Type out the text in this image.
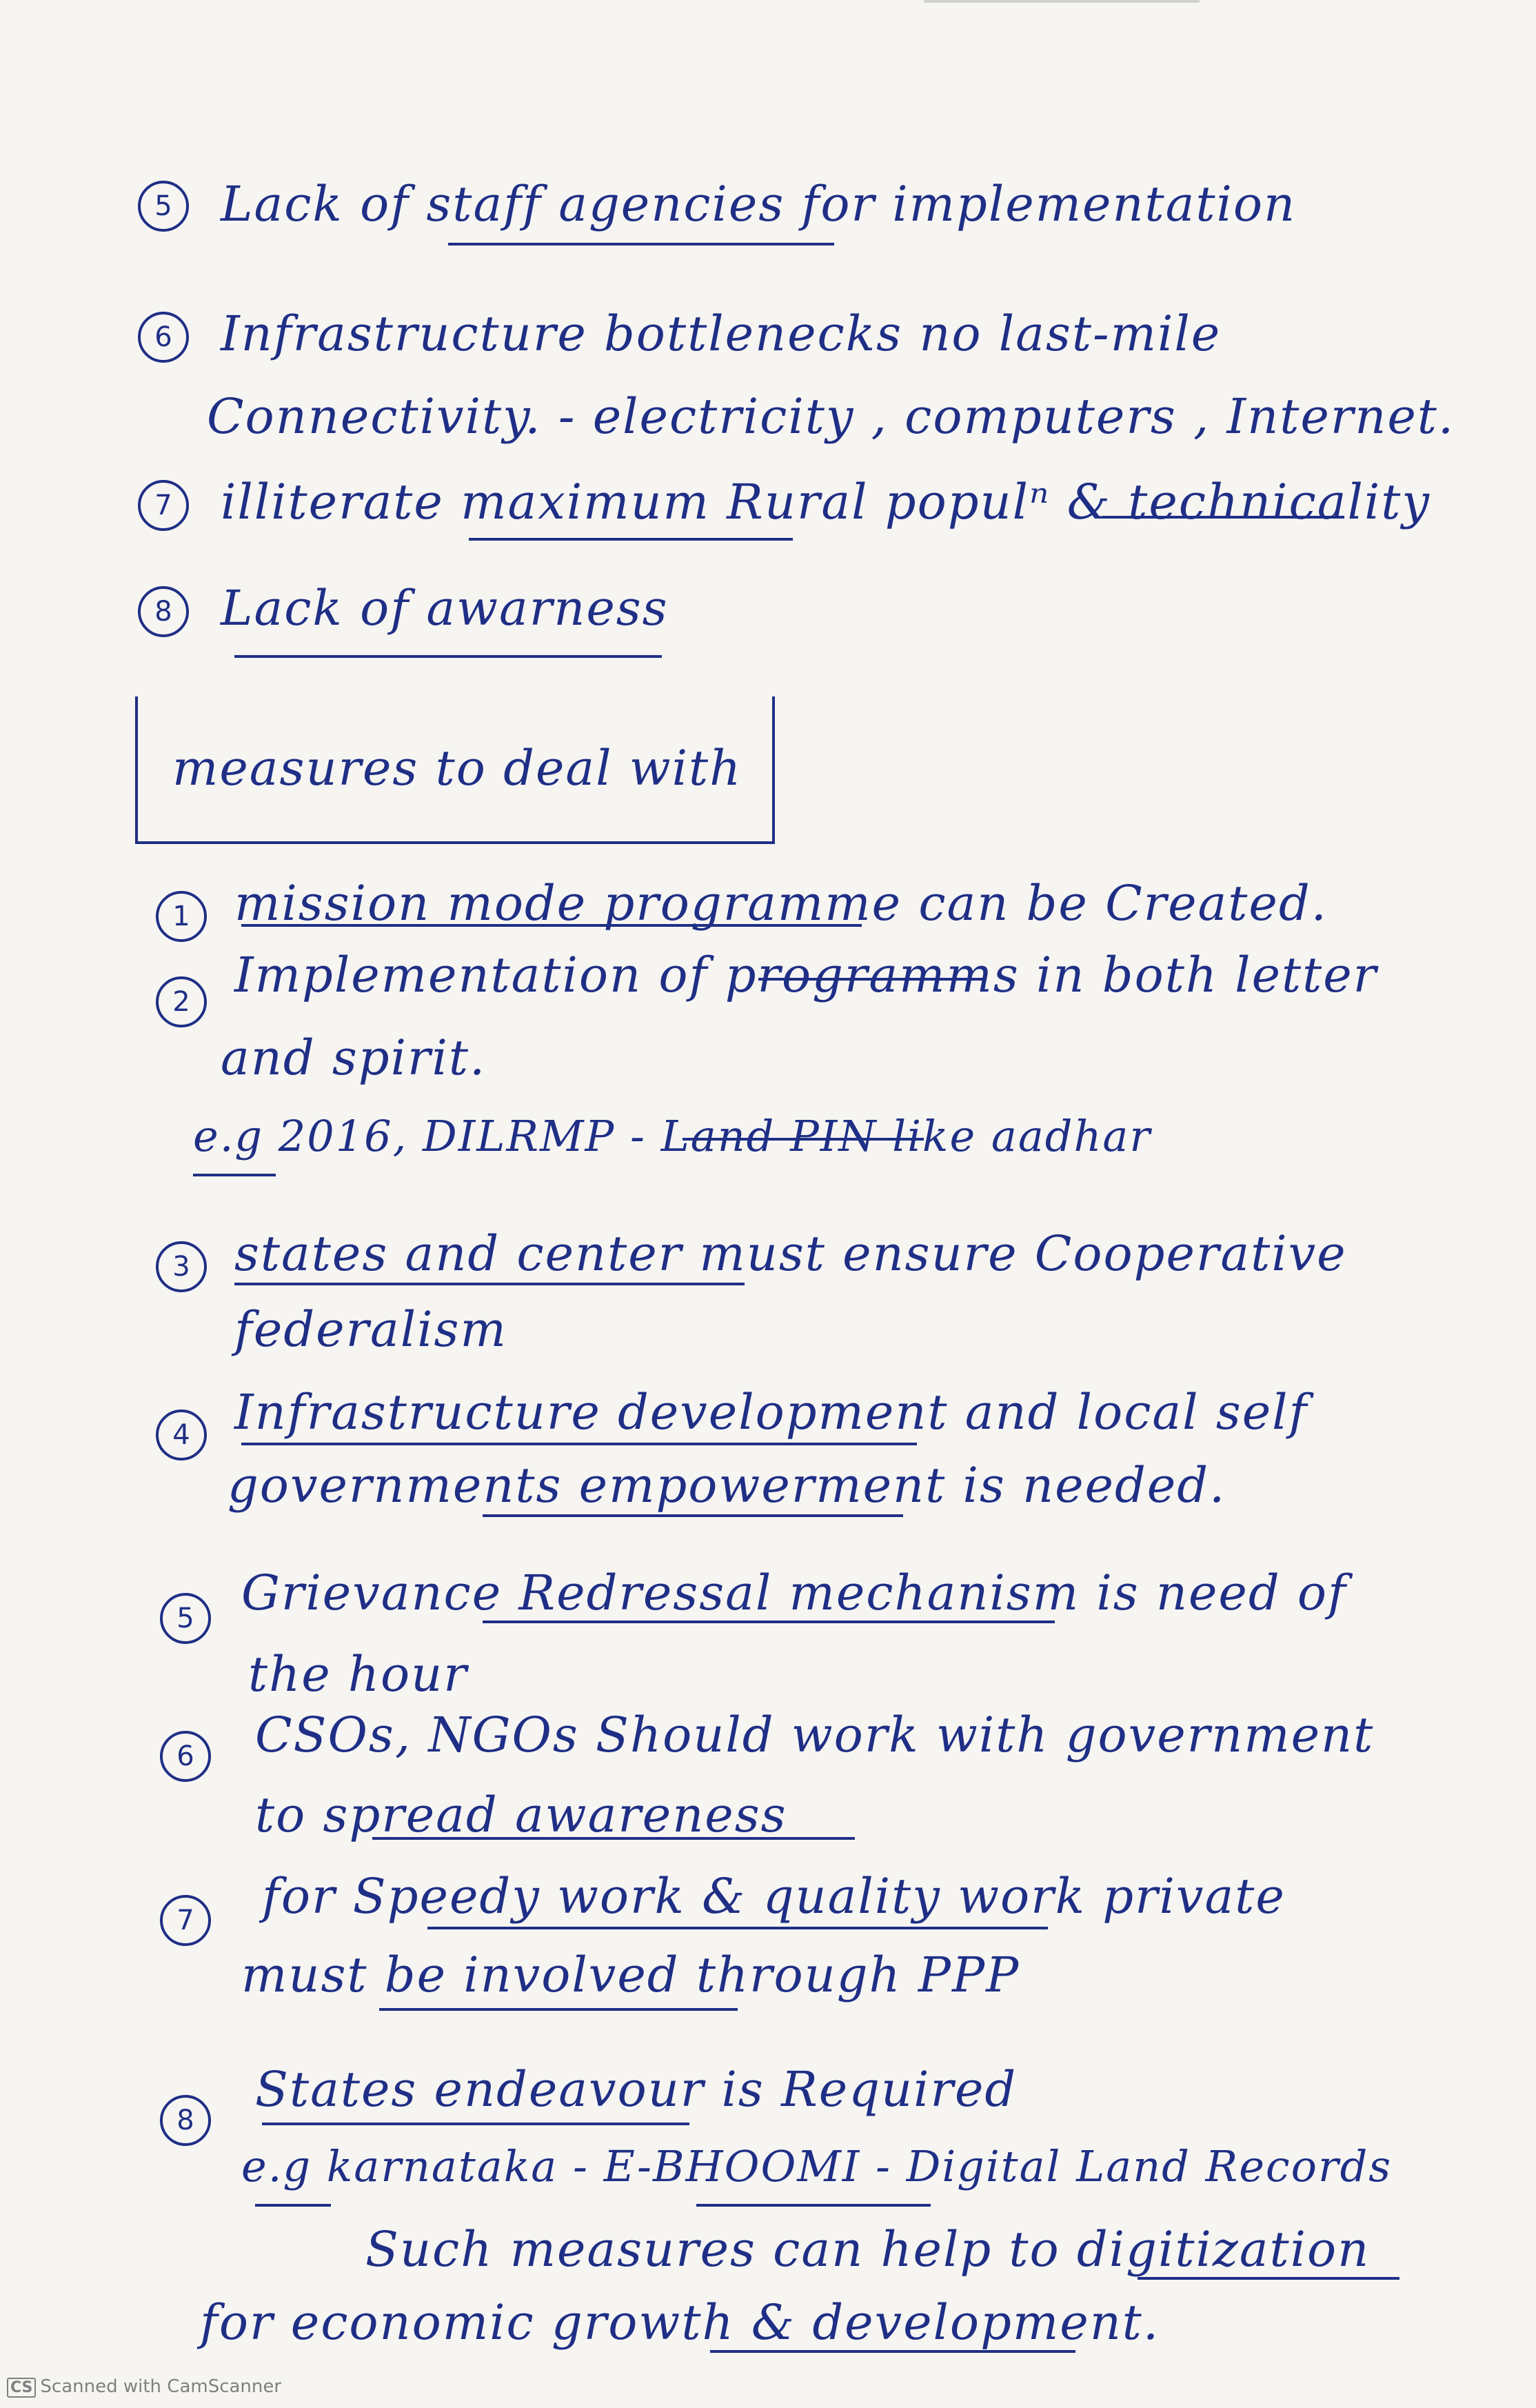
5	Lack of staff agencies for implementation
6	Infrastructure bottlenecks no last-mile
Connectivity. - electricity , computers , Internet.
7	illiterate maximum Rural populⁿ & technicality
8	Lack of awarness
measures to deal with
1 mission mode programme can be Created.
2 Implementation of programms in both letter
and spirit.
e.g 2016, DILRMP - Land PIN like aadhar
3 states and center must ensure Cooperative
federalism
4 Infrastructure development and local self
governments empowerment is needed.
5 Grievance Redressal mechanism is need of
the hour
6	CSOs, NGOs Should work with government
to spread awareness
7	for Speedy work & quality work private
must be involved through PPP
8
States endeavour is Required
e.g karnataka - E-BHOOMI - Digital Land Records
Such measures can help to digitization
for economic growth & development.
CS Scanned with CamScanner
